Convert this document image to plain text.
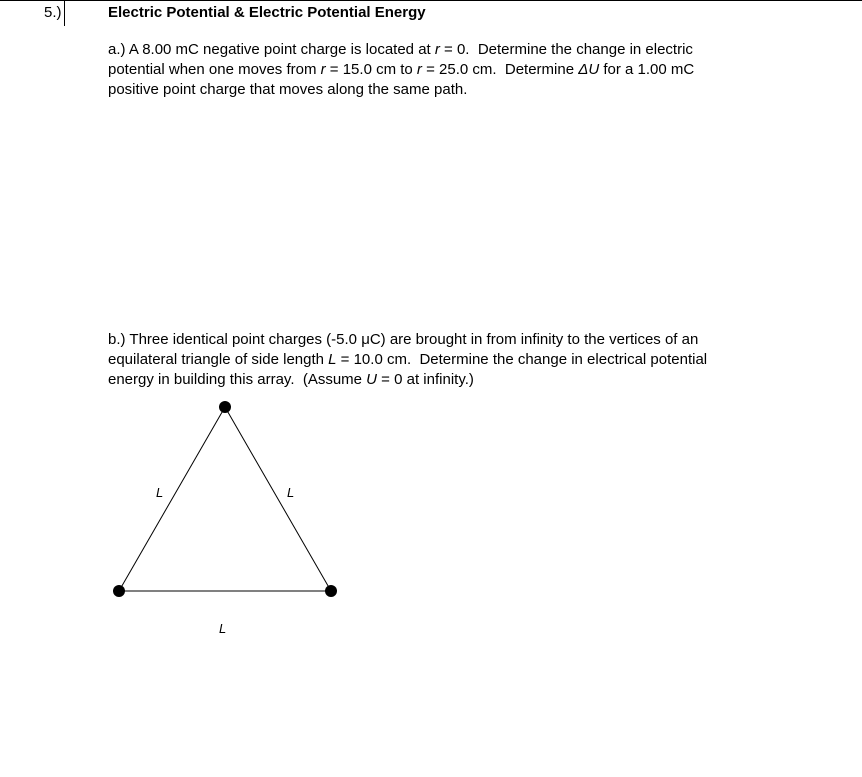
5.)	Electric Potential & Electric Potential Energy
a.) A 8.00 mC negative point charge is located at r = 0.  Determine the change in electric
potential when one moves from r = 15.0 cm to r = 25.0 cm.  Determine ΔU for a 1.00 mC
positive point charge that moves along the same path.
b.) Three identical point charges (-5.0 μC) are brought in from infinity to the vertices of an
equilateral triangle of side length L = 10.0 cm.  Determine the change in electrical potential
energy in building this array.  (Assume U = 0 at infinity.)
L	L
L
